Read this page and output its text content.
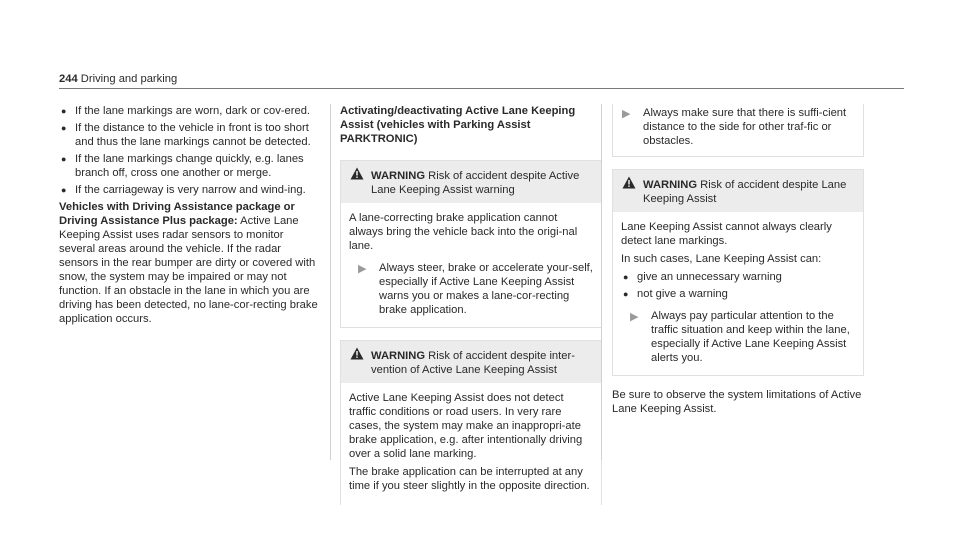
244 Driving and parking
● If the lane markings are worn, dark or cov-ered.
● If the distance to the vehicle in front is too short and thus the lane markings cannot be detected.
● If the lane markings change quickly, e.g. lanes branch off, cross one another or merge.
● If the carriageway is very narrow and wind-ing.

Vehicles with Driving Assistance package or Driving Assistance Plus package: Active Lane Keeping Assist uses radar sensors to monitor several areas around the vehicle. If the radar sensors in the rear bumper are dirty or covered with snow, the system may be impaired or may not function. If an obstacle in the lane in which you are driving has been detected, no lane-cor-recting brake application occurs.

Activating/deactivating Active Lane Keeping Assist (vehicles with Parking Assist PARKTRONIC)

WARNING Risk of accident despite Active Lane Keeping Assist warning

A lane-correcting brake application cannot always bring the vehicle back into the origi-nal lane.

▶ Always steer, brake or accelerate your-self, especially if Active Lane Keeping Assist warns you or makes a lane-cor-recting brake application.
WARNING Risk of accident despite inter-vention of Active Lane Keeping Assist

Active Lane Keeping Assist does not detect traffic conditions or road users. In very rare cases, the system may make an inappropri-ate brake application, e.g. after intentionally driving over a solid lane marking.

The brake application can be interrupted at any time if you steer slightly in the opposite direction.

▶ Always make sure that there is suffi-cient distance to the side for other traf-fic or obstacles.
WARNING Risk of accident despite Lane Keeping Assist

Lane Keeping Assist cannot always clearly detect lane markings.

In such cases, Lane Keeping Assist can:

● give an unnecessary warning
● not give a warning
▶ Always pay particular attention to the traffic situation and keep within the lane, especially if Active Lane Keeping Assist alerts you.

Be sure to observe the system limitations of Active Lane Keeping Assist.
